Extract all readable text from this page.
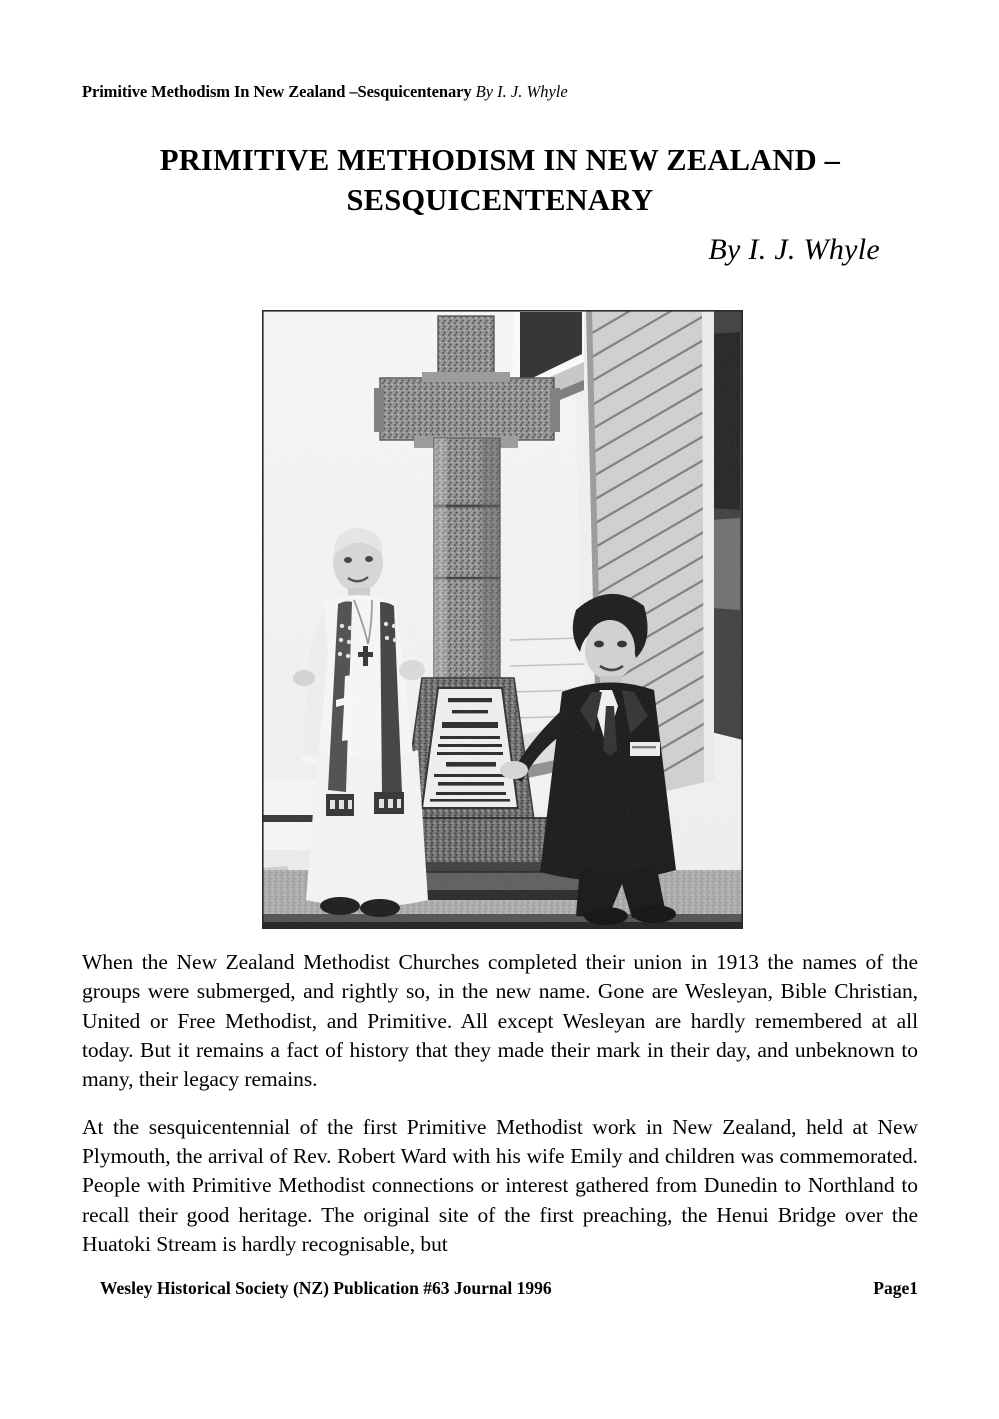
Primitive Methodism In New Zealand –Sesquicentenary By I. J. Whyle
PRIMITIVE METHODISM IN NEW ZEALAND – SESQUICENTENARY
By I. J. Whyle

When the New Zealand Methodist Churches completed their union in 1913 the names of the groups were submerged, and rightly so, in the new name. Gone are Wesleyan, Bible Christian, United or Free Methodist, and Primitive. All except Wesleyan are hardly remembered at all today. But it remains a fact of history that they made their mark in their day, and unbeknown to many, their legacy remains.

At the sesquicentennial of the first Primitive Methodist work in New Zealand, held at New Plymouth, the arrival of Rev. Robert Ward with his wife Emily and children was commemorated. People with Primitive Methodist connections or interest gathered from Dunedin to Northland to recall their good heritage. The original site of the first preaching, the Henui Bridge over the Huatoki Stream is hardly recognisable, but

Wesley Historical Society (NZ) Publication #63 Journal 1996	Page1
